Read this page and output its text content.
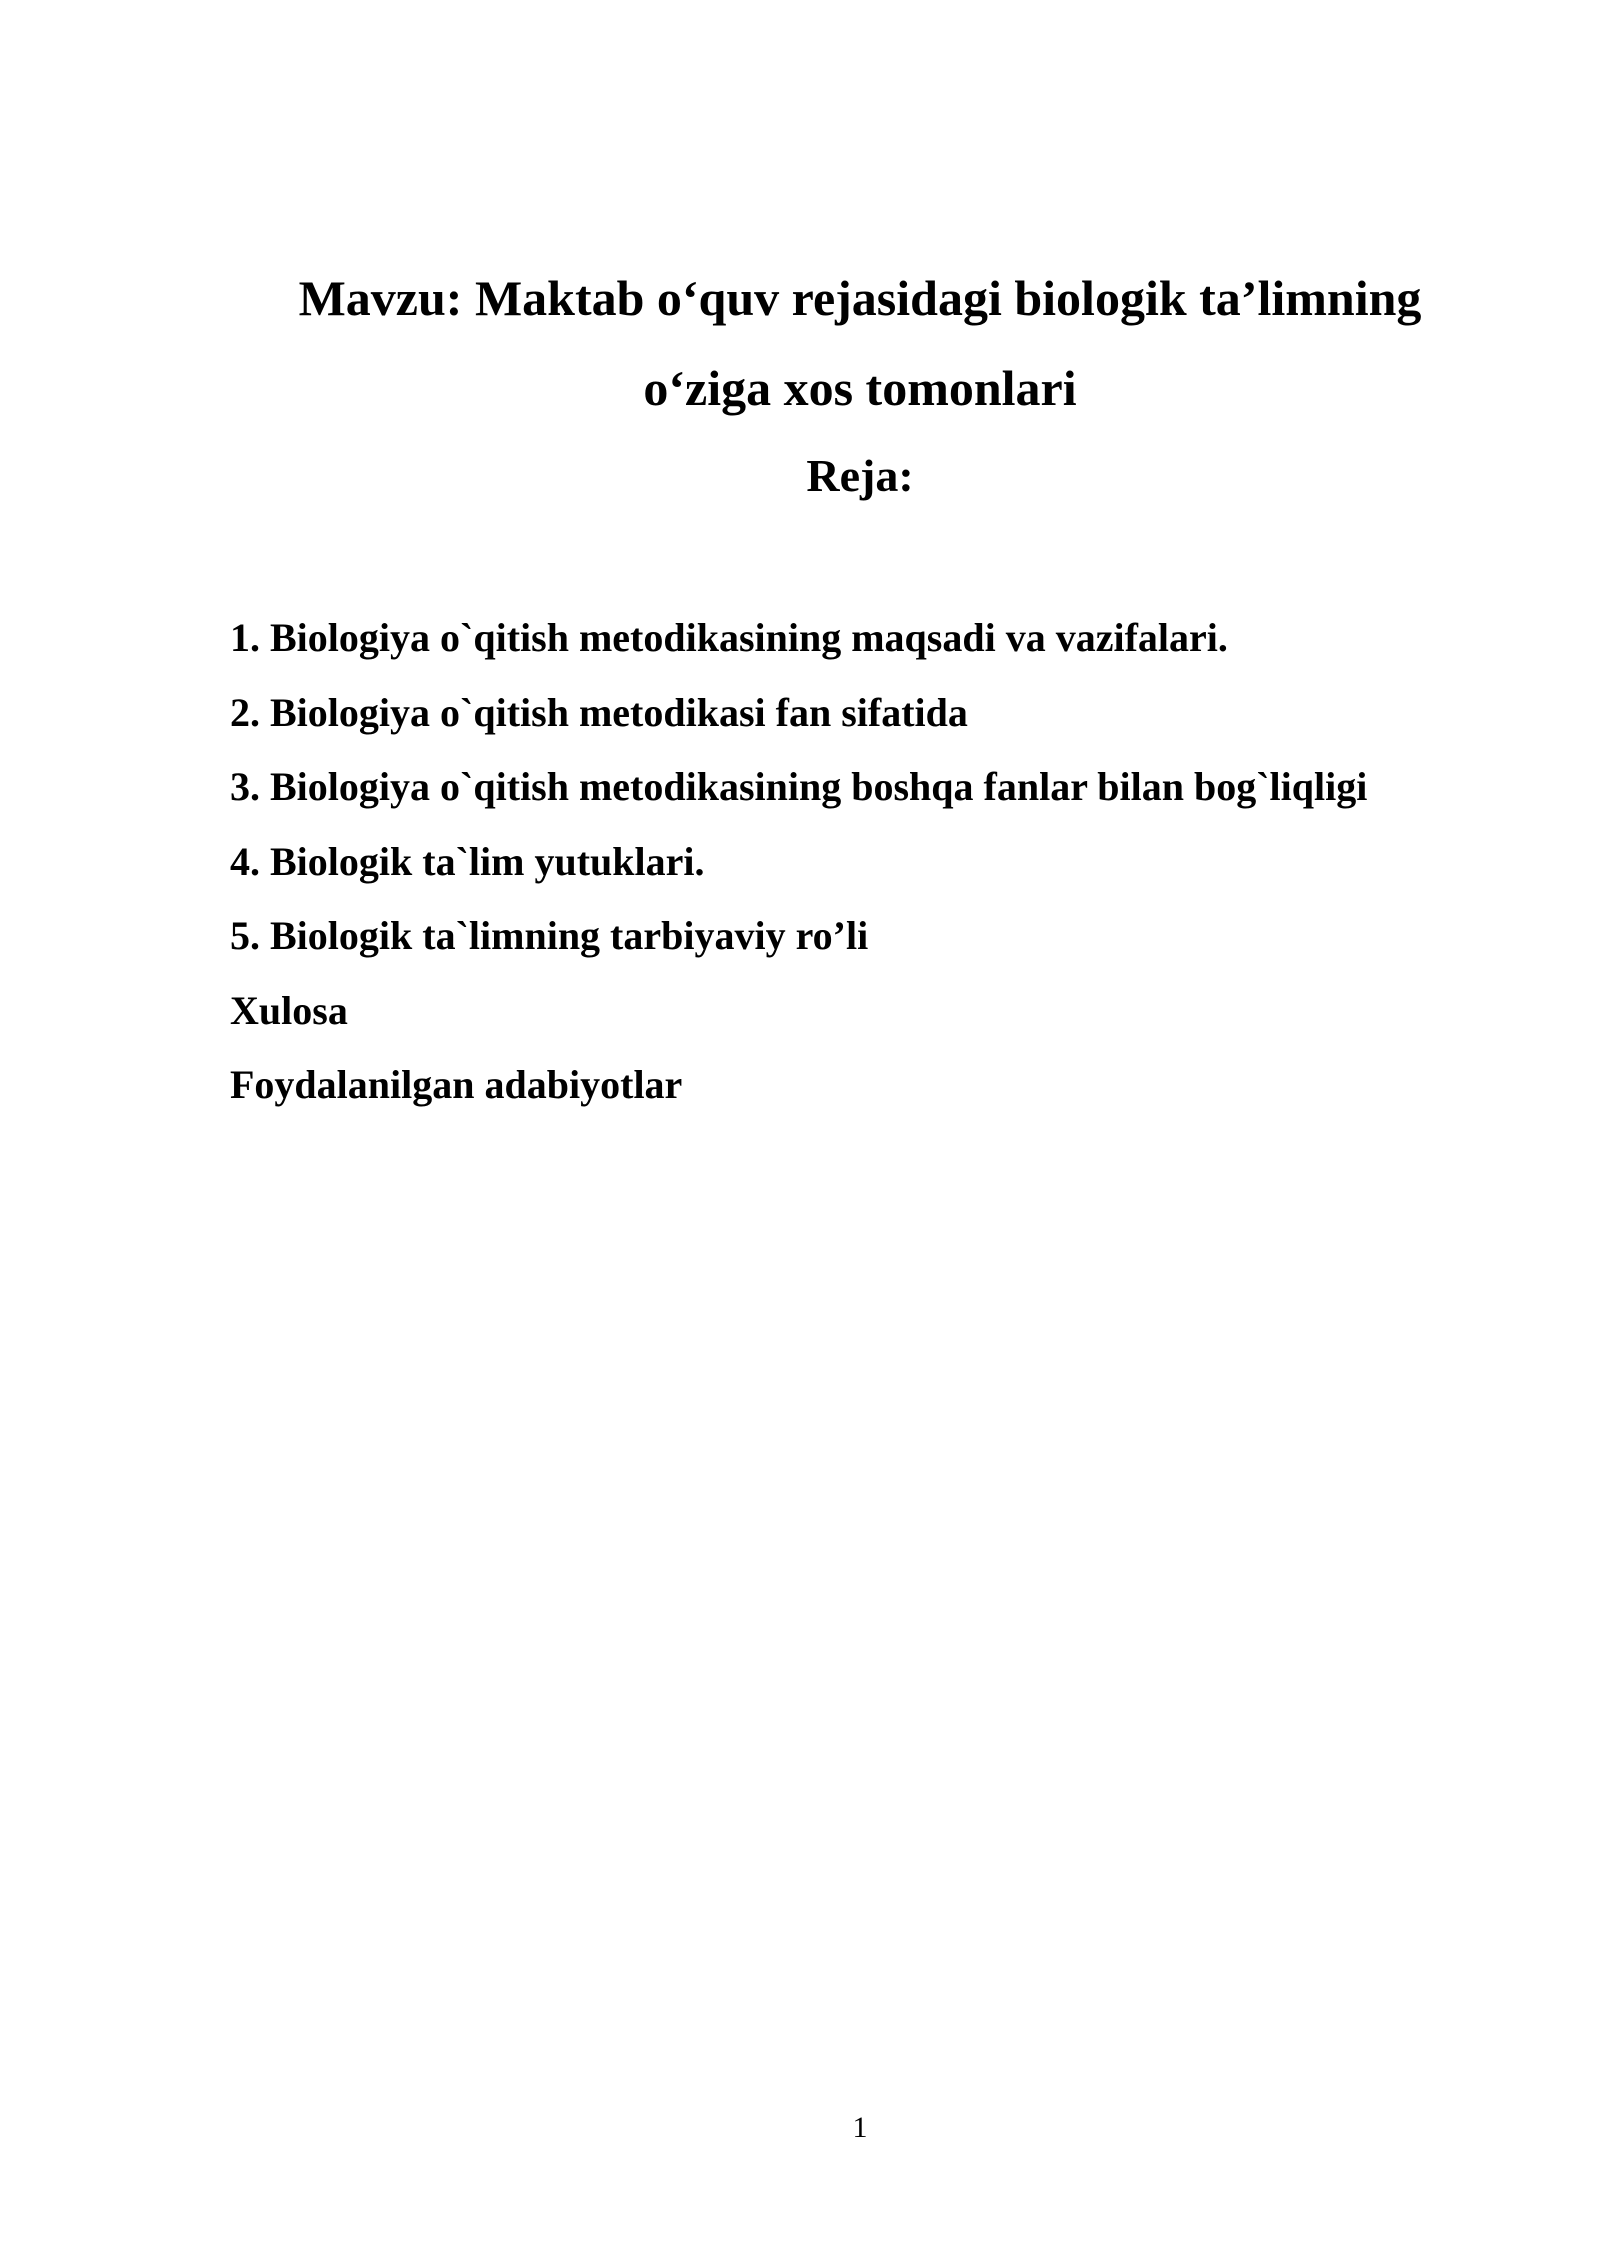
Mavzu: Maktab o‘quv rejasidagi biologik ta’limning
o‘ziga xos tomonlari
Reja:
1. Biologiya o`qitish metodikasining maqsadi va vazifalari.
2. Biologiya o`qitish metodikasi fan sifatida
3. Biologiya o`qitish metodikasining boshqa fanlar bilan bog`liqligi
4. Biologik ta`lim yutuklari.
5. Biologik ta`limning tarbiyaviy ro’li
Xulosa
Foydalanilgan adabiyotlar
1
